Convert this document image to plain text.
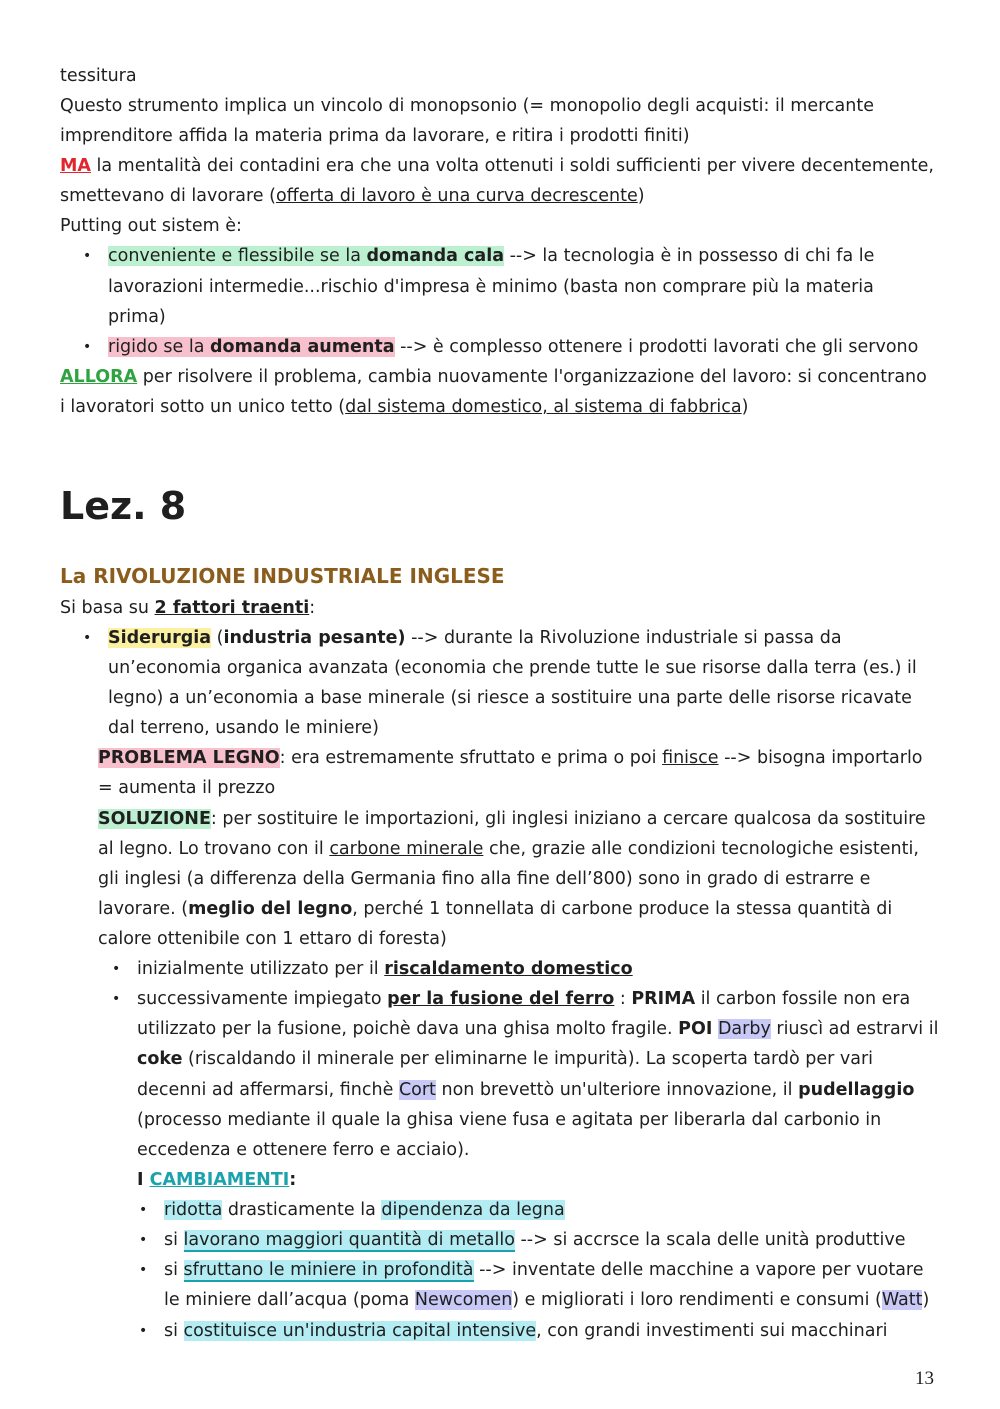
tessitura
Questo strumento implica un vincolo di monopsonio (= monopolio degli acquisti: il mercante
imprenditore affida la materia prima da lavorare, e ritira i prodotti finiti)
MA la mentalità dei contadini era che una volta ottenuti i soldi sufficienti per vivere decentemente,
smettevano di lavorare (offerta di lavoro è una curva decrescente)
Putting out sistem è:
• conveniente e flessibile se la domanda cala --> la tecnologia è in possesso di chi fa le
lavorazioni intermedie...rischio d'impresa è minimo (basta non comprare più la materia
prima)
• rigido se la domanda aumenta --> è complesso ottenere i prodotti lavorati che gli servono
ALLORA per risolvere il problema, cambia nuovamente l'organizzazione del lavoro: si concentrano
i lavoratori sotto un unico tetto (dal sistema domestico, al sistema di fabbrica)
Lez. 8
La RIVOLUZIONE INDUSTRIALE INGLESE
Si basa su 2 fattori traenti:
• Siderurgia (industria pesante) --> durante la Rivoluzione industriale si passa da
un’economia organica avanzata (economia che prende tutte le sue risorse dalla terra (es.) il
legno) a un’economia a base minerale (si riesce a sostituire una parte delle risorse ricavate
dal terreno, usando le miniere)
PROBLEMA LEGNO: era estremamente sfruttato e prima o poi finisce --> bisogna importarlo
= aumenta il prezzo
SOLUZIONE: per sostituire le importazioni, gli inglesi iniziano a cercare qualcosa da sostituire
al legno. Lo trovano con il carbone minerale che, grazie alle condizioni tecnologiche esistenti,
gli inglesi (a differenza della Germania fino alla fine dell’800) sono in grado di estrarre e
lavorare. (meglio del legno, perché 1 tonnellata di carbone produce la stessa quantità di
calore ottenibile con 1 ettaro di foresta)
• inizialmente utilizzato per il riscaldamento domestico
• successivamente impiegato per la fusione del ferro : PRIMA il carbon fossile non era
utilizzato per la fusione, poichè dava una ghisa molto fragile. POI Darby riuscì ad estrarvi il
coke (riscaldando il minerale per eliminarne le impurità). La scoperta tardò per vari
decenni ad affermarsi, finchè Cort non brevettò un'ulteriore innovazione, il pudellaggio
(processo mediante il quale la ghisa viene fusa e agitata per liberarla dal carbonio in
eccedenza e ottenere ferro e acciaio).
I CAMBIAMENTI:
• ridotta drasticamente la dipendenza da legna
• si lavorano maggiori quantità di metallo --> si accrsce la scala delle unità produttive
• si sfruttano le miniere in profondità --> inventate delle macchine a vapore per vuotare
le miniere dall’acqua (poma Newcomen) e migliorati i loro rendimenti e consumi (Watt)
• si costituisce un'industria capital intensive, con grandi investimenti sui macchinari
13
